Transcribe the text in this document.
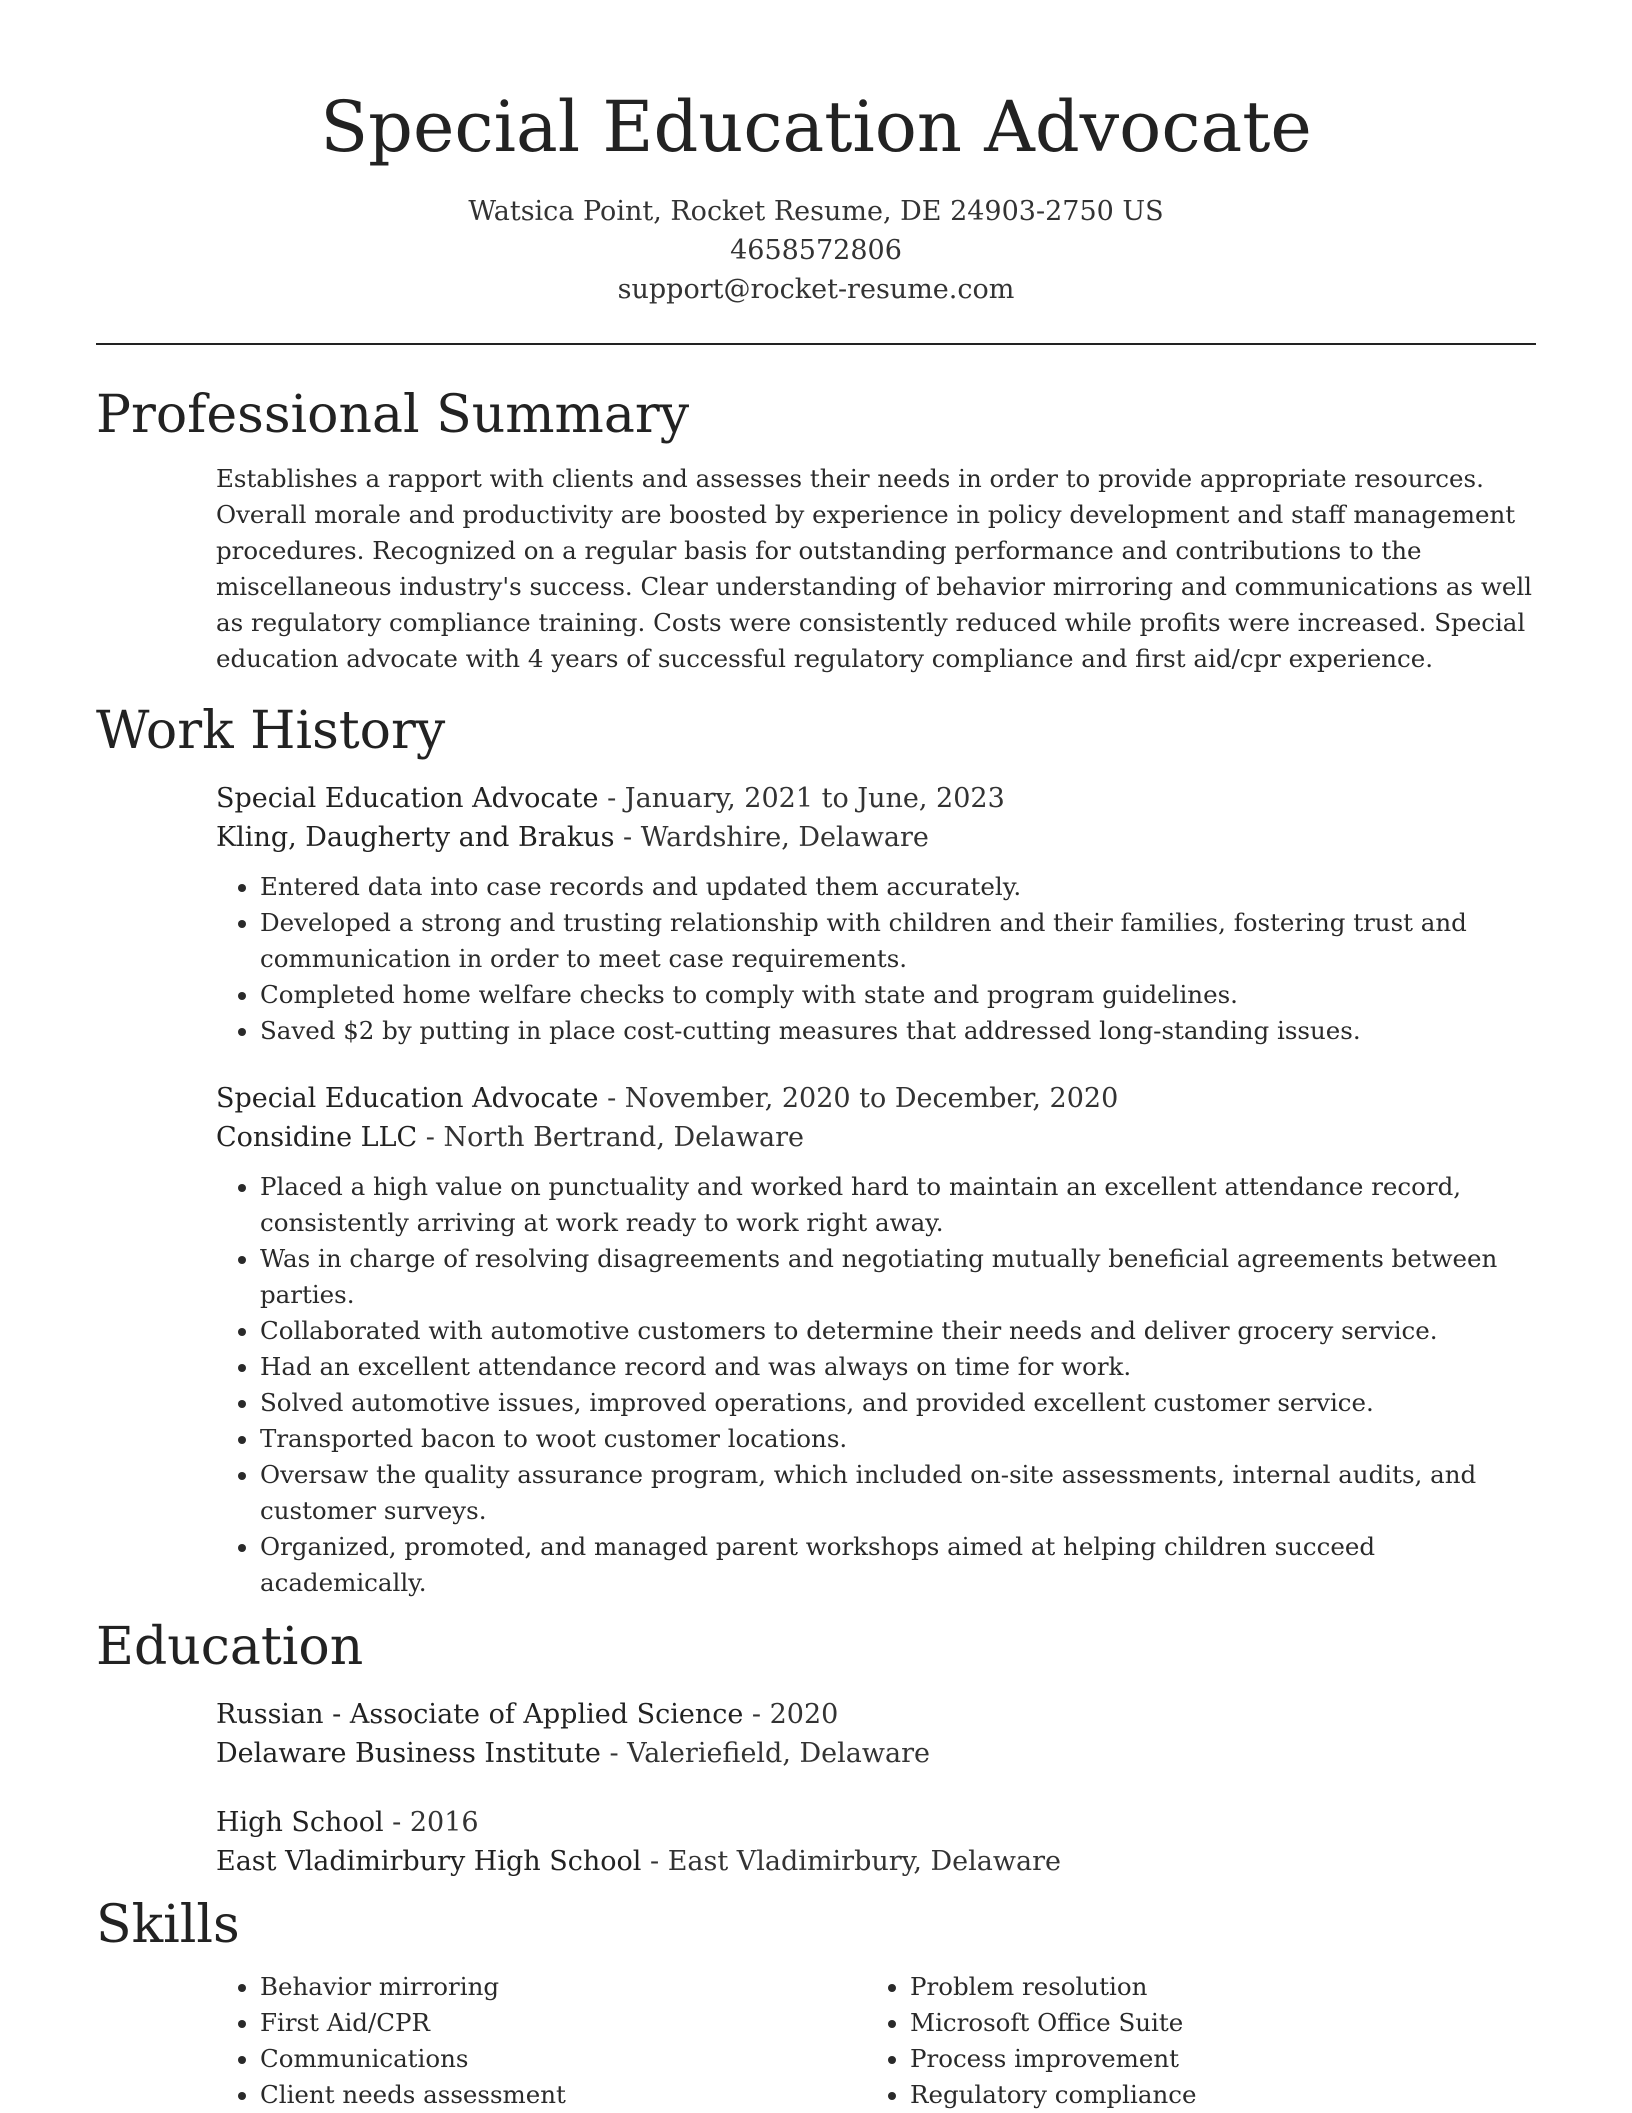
Special Education Advocate
Watsica Point, Rocket Resume, DE 24903-2750 US
4658572806
support@rocket-resume.com
Professional Summary

Establishes a rapport with clients and assesses their needs in order to provide appropriate resources. Overall morale and productivity are boosted by experience in policy development and staff management procedures. Recognized on a regular basis for outstanding performance and contributions to the miscellaneous industry's success. Clear understanding of behavior mirroring and communications as well as regulatory compliance training. Costs were consistently reduced while profits were increased. Special education advocate with 4 years of successful regulatory compliance and first aid/cpr experience.

Work History
Special Education Advocate - January, 2021 to June, 2023
Kling, Daugherty and Brakus - Wardshire, Delaware
• Entered data into case records and updated them accurately.
• Developed a strong and trusting relationship with children and their families, fostering trust and communication in order to meet case requirements.
• Completed home welfare checks to comply with state and program guidelines.
• Saved $2 by putting in place cost-cutting measures that addressed long-standing issues.
Special Education Advocate - November, 2020 to December, 2020
Considine LLC - North Bertrand, Delaware
• Placed a high value on punctuality and worked hard to maintain an excellent attendance record, consistently arriving at work ready to work right away.
• Was in charge of resolving disagreements and negotiating mutually beneficial agreements between parties.
• Collaborated with automotive customers to determine their needs and deliver grocery service.
• Had an excellent attendance record and was always on time for work.
• Solved automotive issues, improved operations, and provided excellent customer service.
• Transported bacon to woot customer locations.
• Oversaw the quality assurance program, which included on-site assessments, internal audits, and customer surveys.
• Organized, promoted, and managed parent workshops aimed at helping children succeed academically.
Education
Russian - Associate of Applied Science - 2020
Delaware Business Institute - Valeriefield, Delaware
High School - 2016
East Vladimirbury High School - East Vladimirbury, Delaware
Skills
• Behavior mirroring
• First Aid/CPR
• Communications
• Client needs assessment
• Problem resolution
• Microsoft Office Suite
• Process improvement
• Regulatory compliance
